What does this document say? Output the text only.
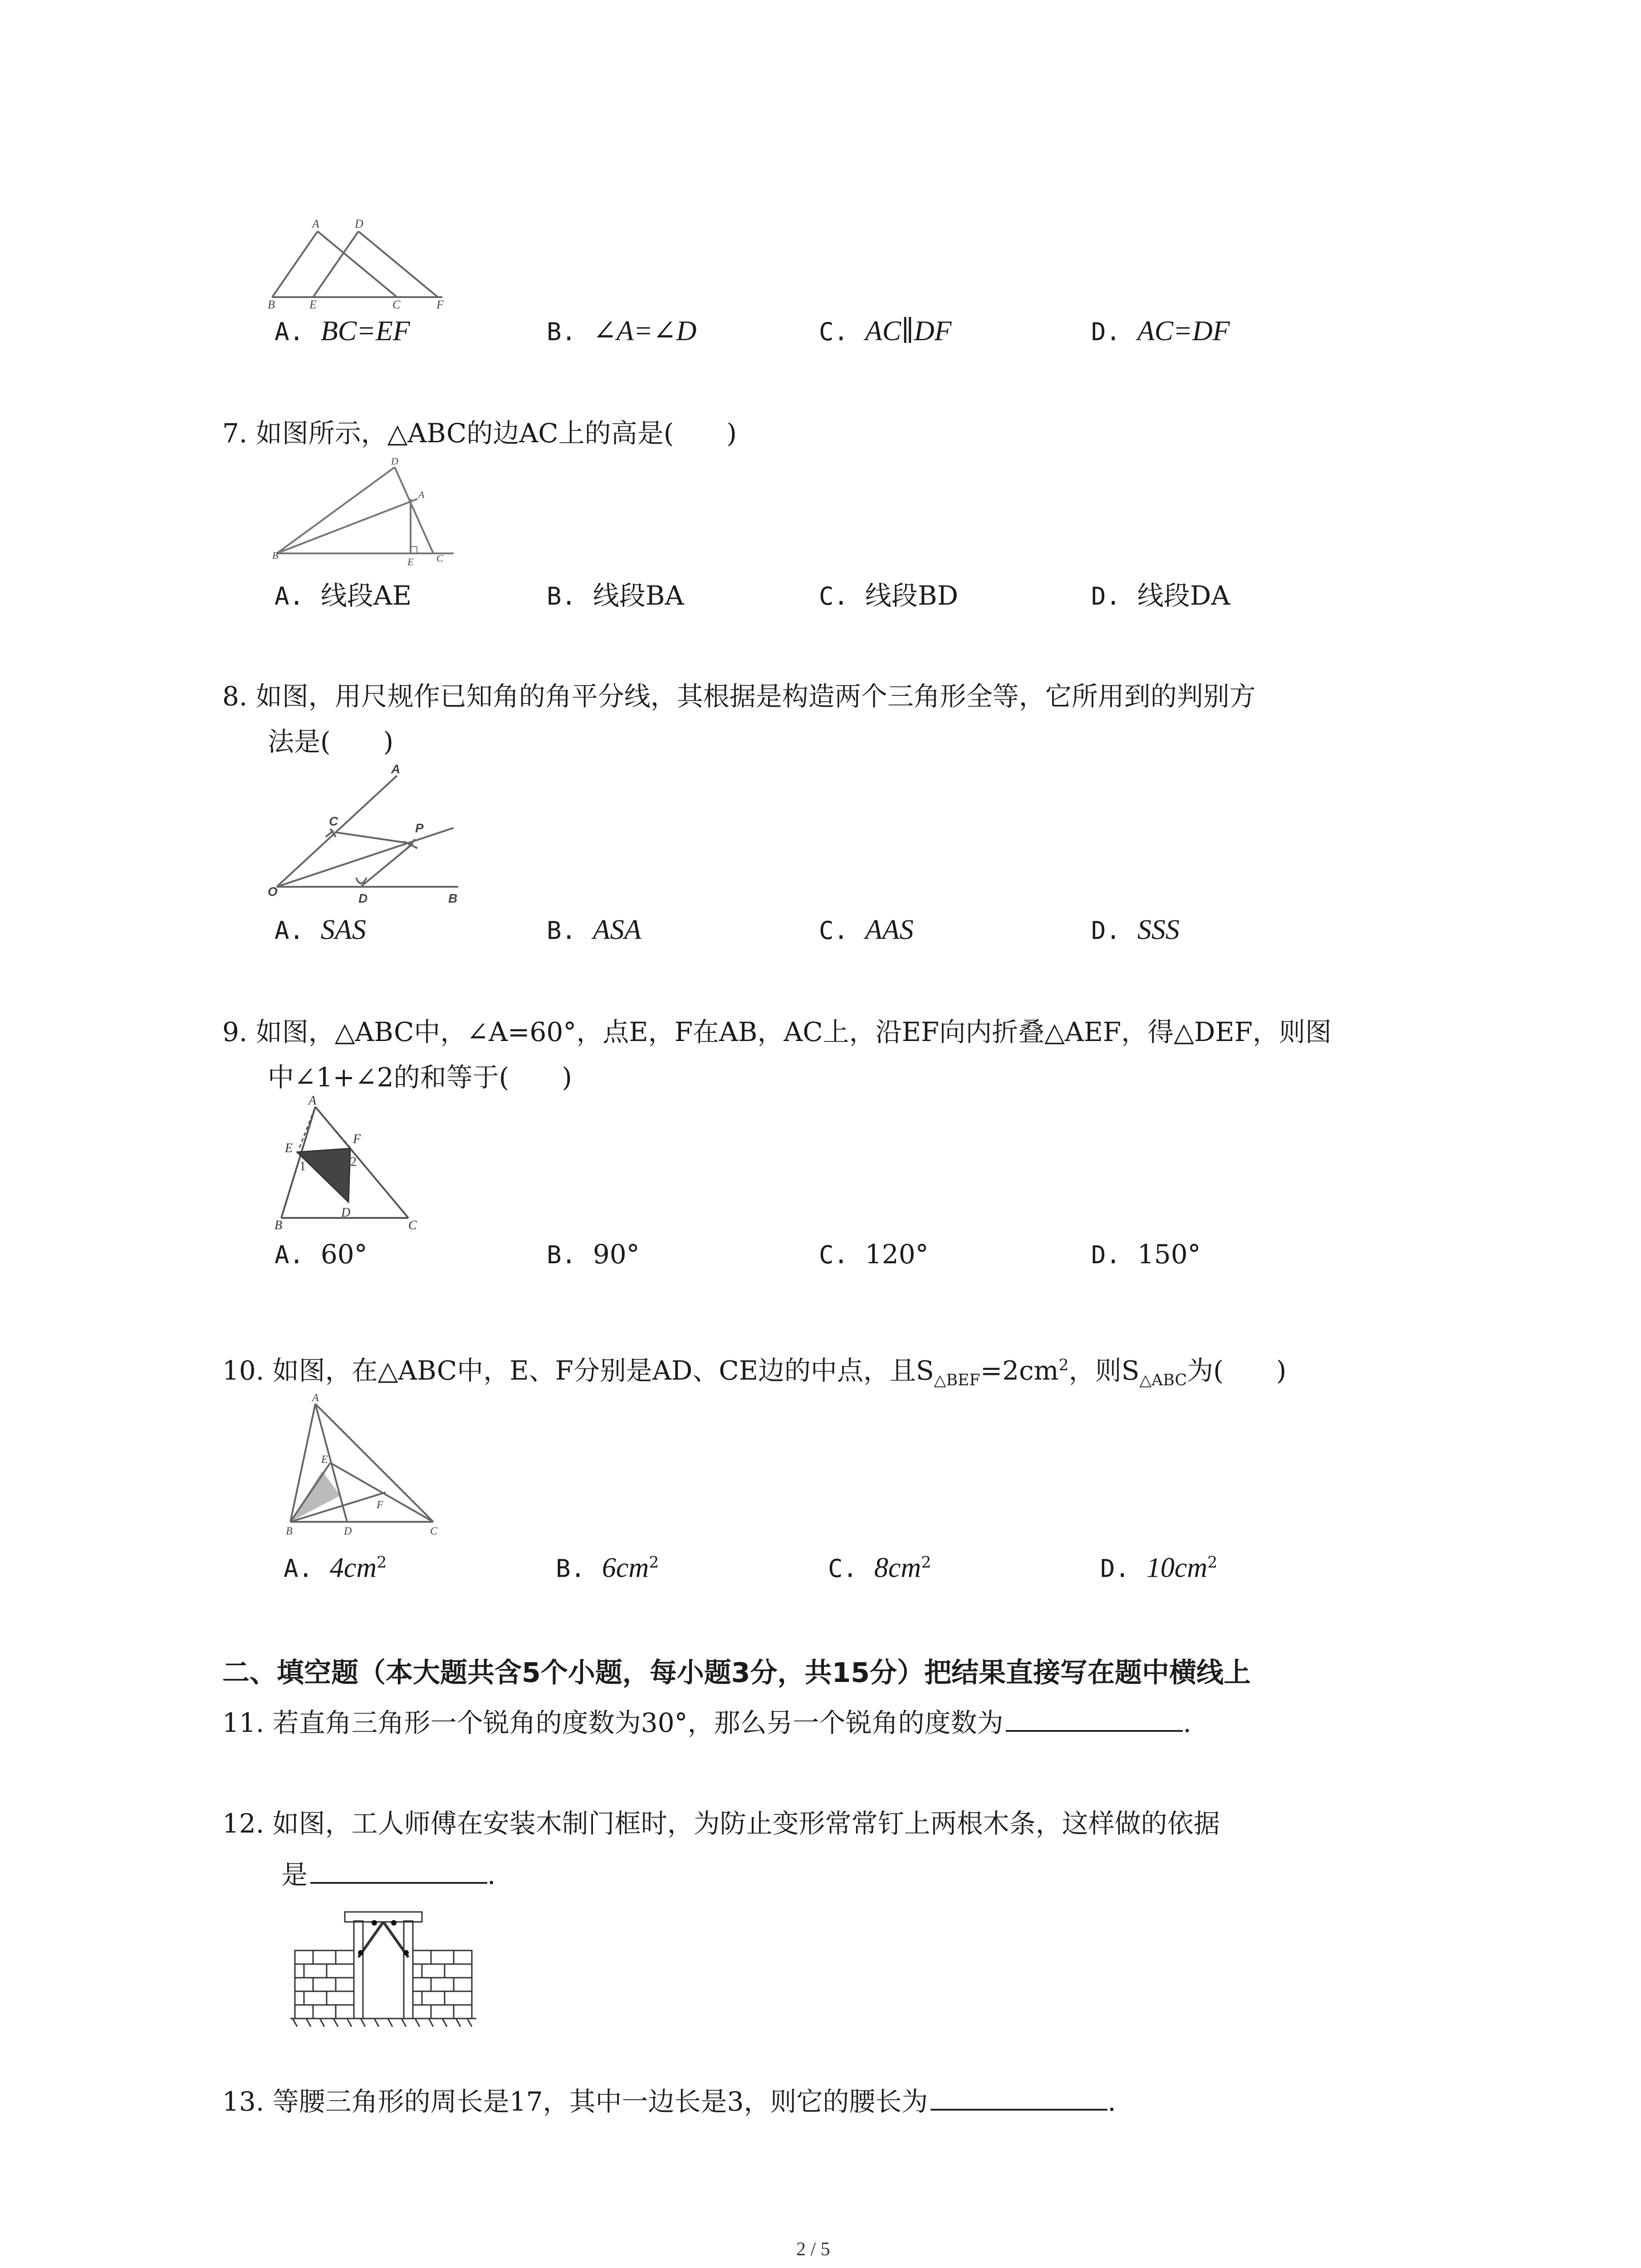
A	D
B	E	C	F
A. BC=EF	B. ∠A=∠D	C. AC∥DF	D. AC=DF
7. 如图所示，△ABC的边AC上的高是(　　)
D
A
B
E C
A. 线段AE	B. 线段BA	C. 线段BD	D. 线段DA
8. 如图，用尺规作已知角的角平分线，其根据是构造两个三角形全等，它所用到的判别方
法是(　　)
A
C	P
O	D	B
A. SAS	B. ASA	C. AAS	D. SSS
9. 如图，△ABC中，∠A=60°，点E，F在AB，AC上，沿EF向内折叠△AEF，得△DEF，则图
中∠1+∠2的和等于(　　)
A
E
F
1	2
B
D
C
A. 60°	B. 90°	C. 120°	D. 150°
10. 如图，在△ABC中，E、F分别是AD、CE边的中点，且$S_{\triangle BEF}=2cm^2$，则$S_{\triangle ABC}$为(　　)
A
E
F
B	D	C
A. $4cm^2$	B. $6cm^2$	C. $8cm^2$	D. $10cm^2$
二、填空题（本大题共含5个小题，每小题3分，共15分）把结果直接写在题中横线上
11. 若直角三角形一个锐角的度数为30°，那么另一个锐角的度数为	.
12. 如图，工人师傅在安装木制门框时，为防止变形常常钉上两根木条，这样做的依据
是	.
13. 等腰三角形的周长是17，其中一边长是3，则它的腰长为	.
2 / 5
